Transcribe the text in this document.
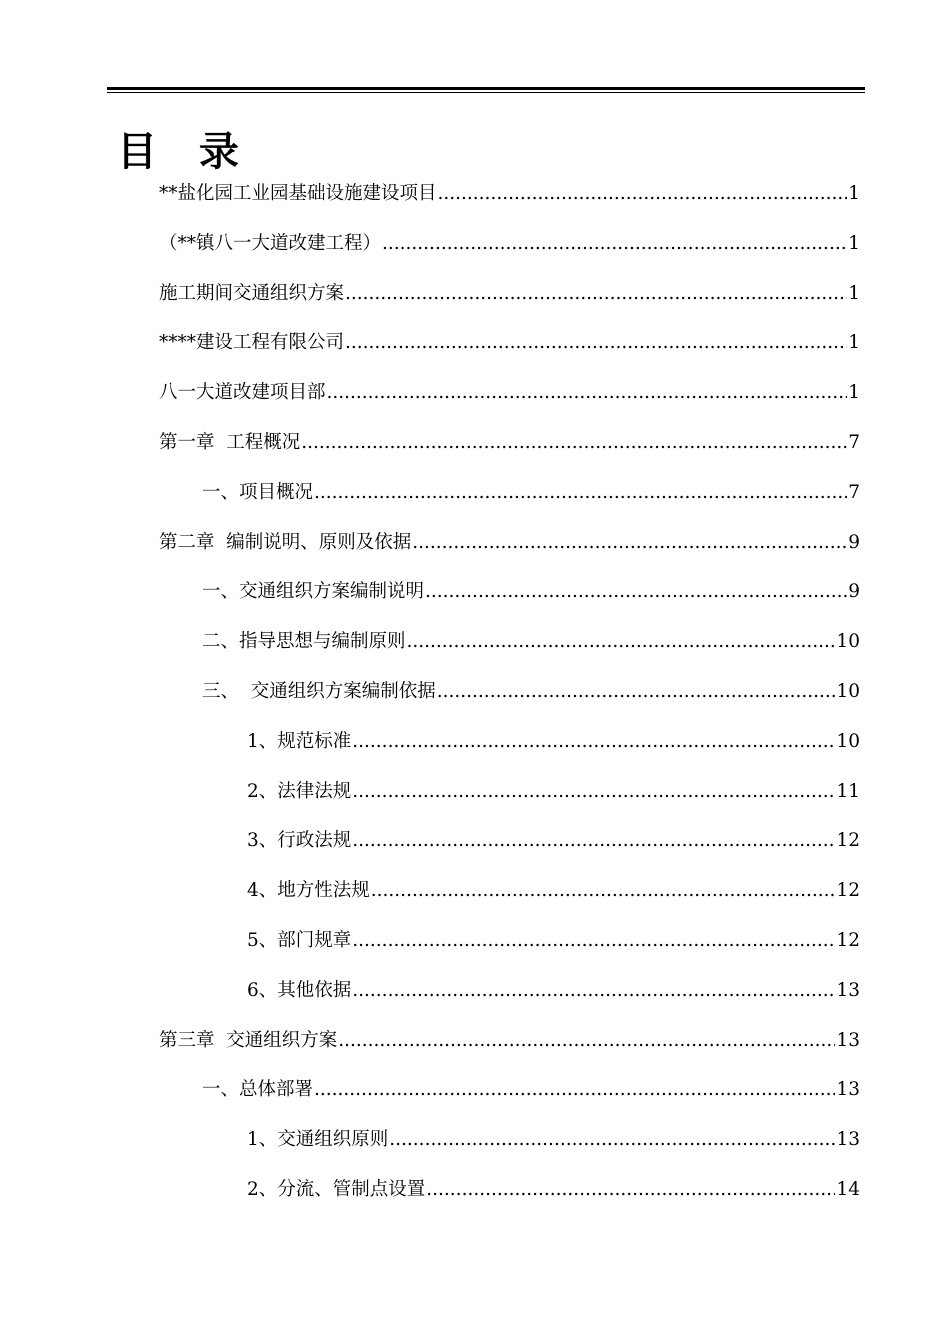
目 录
**盐化园工业园基础设施建设项目 .....	1
（**镇八一大道改建工程） .....	1
施工期间交通组织方案 .....	1
****建设工程有限公司 .....	1
八一大道改建项目部 .....	1
第一章  工程概况 .....	7
一、项目概况 .....	7
第二章  编制说明、原则及依据 .....	9
一、交通组织方案编制说明 .....	9
二、指导思想与编制原则 .....	10
三、  交通组织方案编制依据 .....	10
1、规范标准 .....	10
2、法律法规 .....	11
3、行政法规 .....	12
4、地方性法规 .....	12
5、部门规章 .....	12
6、其他依据 .....	13
第三章  交通组织方案 .....	13
一、总体部署 .....	13
1、交通组织原则 .....	13
2、分流、管制点设置 .....	14
